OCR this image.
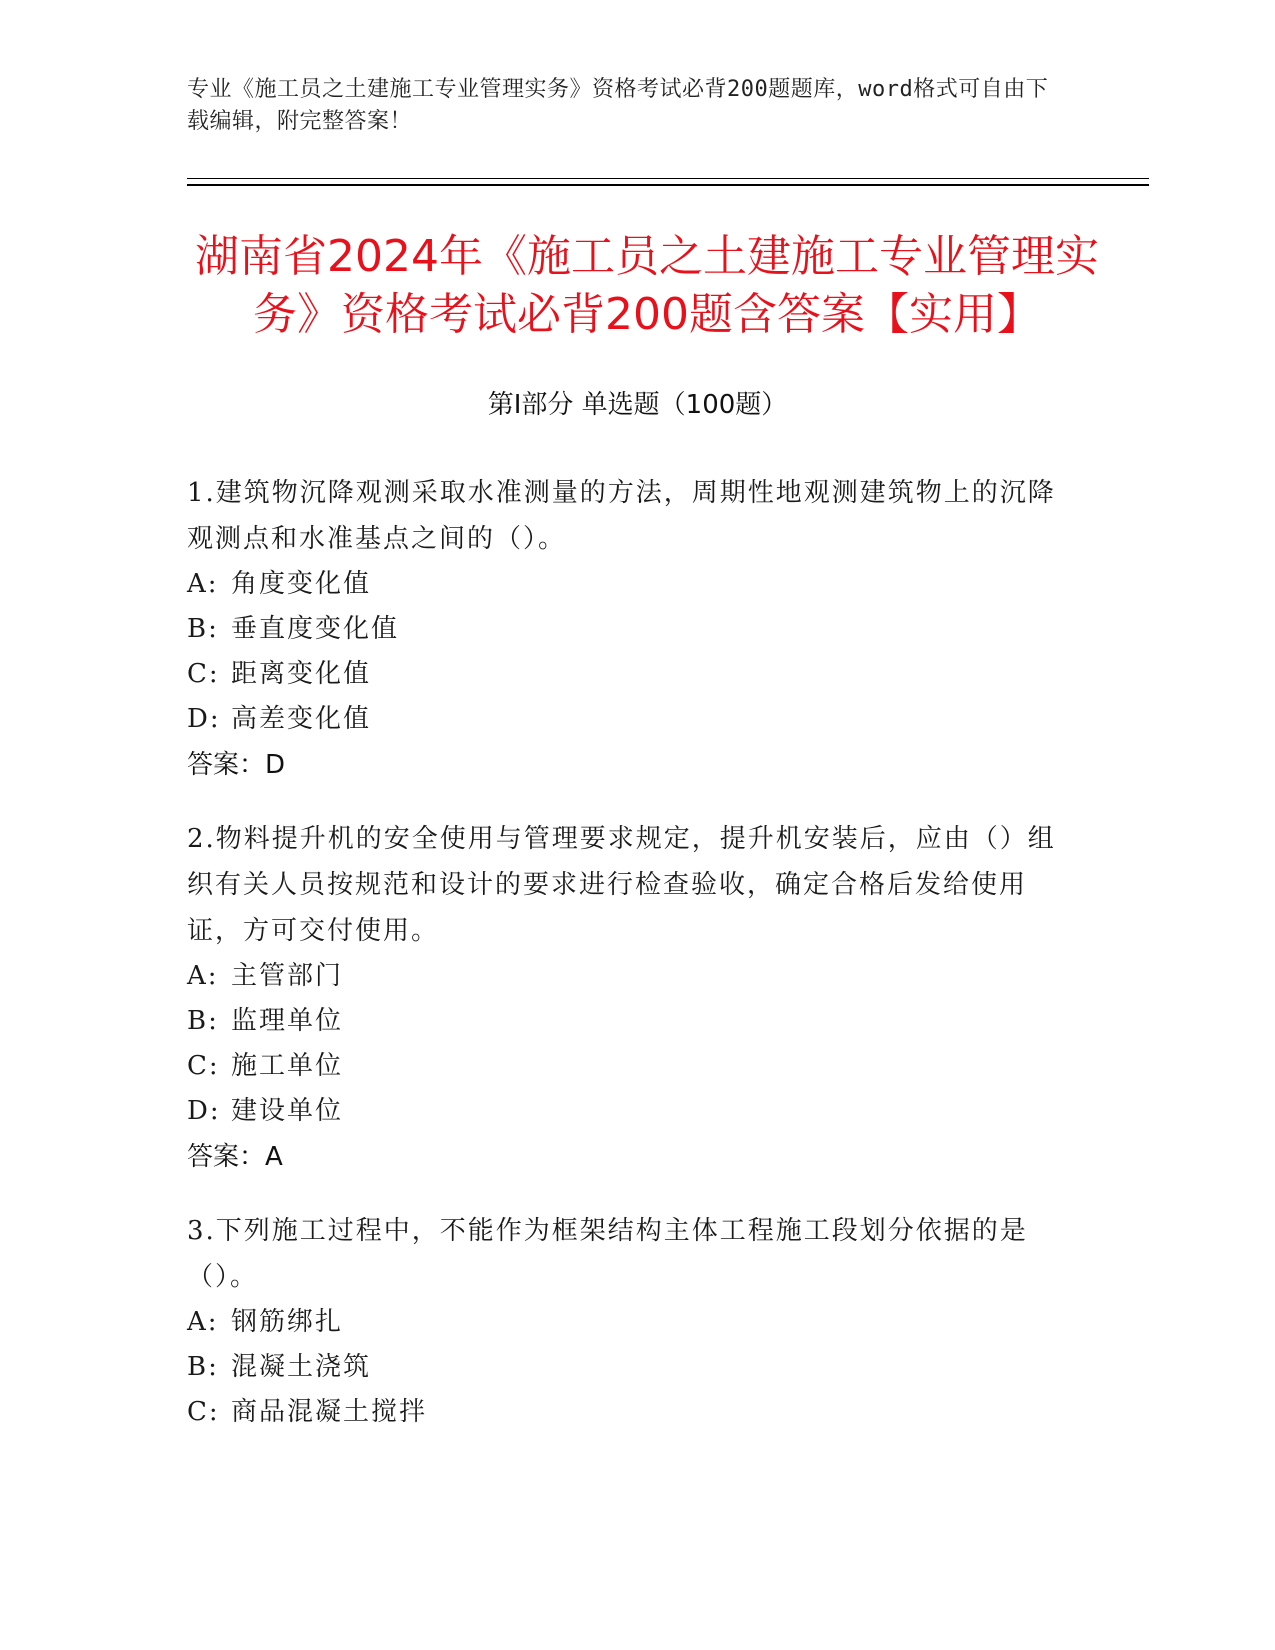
专业《施工员之土建施工专业管理实务》资格考试必背200题题库，word格式可自由下载编辑，附完整答案！
湖南省2024年《施工员之土建施工专业管理实务》资格考试必背200题含答案【实用】
第Ⅰ部分 单选题（100题）
1.建筑物沉降观测采取水准测量的方法，周期性地观测建筑物上的沉降观测点和水准基点之间的（）。
A: 角度变化值
B: 垂直度变化值
C: 距离变化值
D: 高差变化值
答案：D
2.物料提升机的安全使用与管理要求规定，提升机安装后，应由（）组织有关人员按规范和设计的要求进行检查验收，确定合格后发给使用证，方可交付使用。
A: 主管部门
B: 监理单位
C: 施工单位
D: 建设单位
答案：A
3.下列施工过程中，不能作为框架结构主体工程施工段划分依据的是（）。
A: 钢筋绑扎
B: 混凝土浇筑
C: 商品混凝土搅拌
